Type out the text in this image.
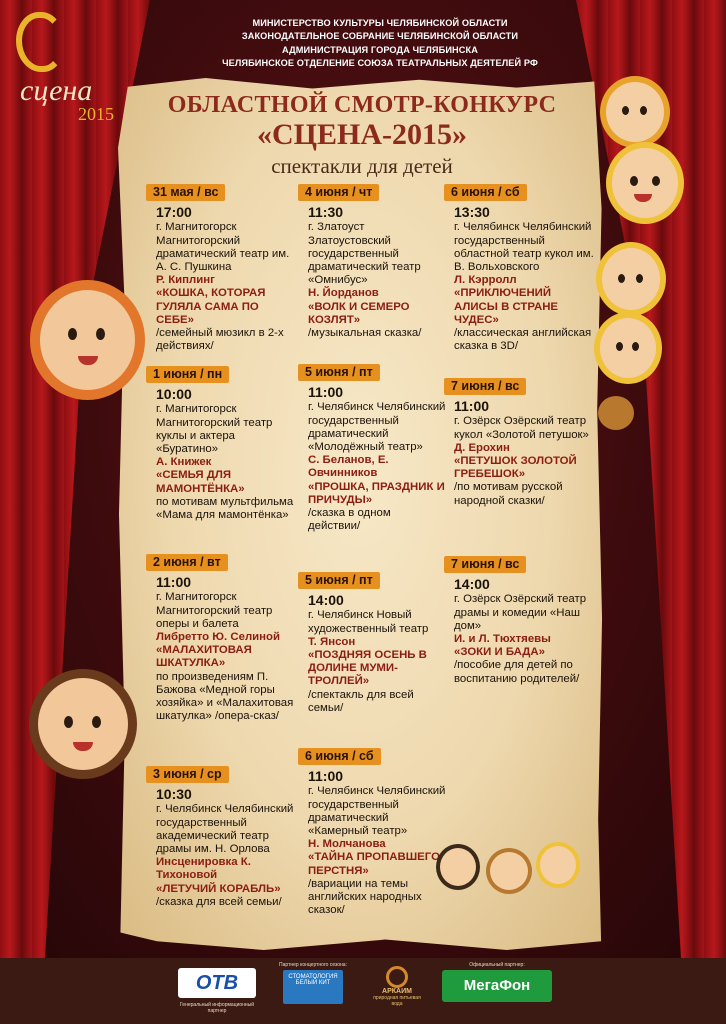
сцена
2015
МИНИСТЕРСТВО КУЛЬТУРЫ ЧЕЛЯБИНСКОЙ ОБЛАСТИ
ЗАКОНОДАТЕЛЬНОЕ СОБРАНИЕ ЧЕЛЯБИНСКОЙ ОБЛАСТИ
АДМИНИСТРАЦИЯ ГОРОДА ЧЕЛЯБИНСКА
ЧЕЛЯБИНСКОЕ ОТДЕЛЕНИЕ СОЮЗА ТЕАТРАЛЬНЫХ ДЕЯТЕЛЕЙ РФ
ОБЛАСТНОЙ СМОТР-КОНКУРС
«СЦЕНА-2015»
спектакли для детей
31 мая / вс
17:00
г. Магнитогорск Магнитогорский драматический театр им. А. С. Пушкина
Р. Киплинг
«КОШКА, КОТОРАЯ ГУЛЯЛА САМА ПО СЕБЕ»
/семейный мюзикл в 2-х действиях/
1 июня / пн
10:00
г. Магнитогорск Магнитогорский театр куклы и актера «Буратино»
А. Книжек
«СЕМЬЯ ДЛЯ МАМОНТЁНКА»
по мотивам мультфильма «Мама для мамонтёнка»
2 июня / вт
11:00
г. Магнитогорск Магнитогорский театр оперы и балета
Либретто Ю. Селиной
«МАЛАХИТОВАЯ ШКАТУЛКА»
по произведениям П. Бажова «Медной горы хозяйка» и «Малахитовая шкатулка» /опера-сказ/
3 июня / ср
10:30
г. Челябинск Челябинский государственный академический театр драмы им. Н. Орлова
Инсценировка К. Тихоновой
«ЛЕТУЧИЙ КОРАБЛЬ»
/сказка для всей семьи/
4 июня / чт
11:30
г. Златоуст Златоустовский государственный драматический театр «Омнибус»
Н. Йорданов
«ВОЛК И СЕМЕРО КОЗЛЯТ»
/музыкальная сказка/
5 июня / пт
11:00
г. Челябинск Челябинский государственный драматический «Молодёжный театр»
С. Беланов, Е. Овчинников
«ПРОШКА, ПРАЗДНИК И ПРИЧУДЫ»
/сказка в одном действии/
5 июня / пт
14:00
г. Челябинск Новый художественный театр
Т. Янсон
«ПОЗДНЯЯ ОСЕНЬ В ДОЛИНЕ МУМИ-ТРОЛЛЕЙ»
/спектакль для всей семьи/
6 июня / сб
11:00
г. Челябинск Челябинский государственный драматический «Камерный театр»
Н. Молчанова
«ТАЙНА ПРОПАВШЕГО ПЕРСТНЯ»
/вариации на темы английских народных сказок/
6 июня / сб
13:30
г. Челябинск Челябинский государственный областной театр кукол им. В. Вольховского
Л. Кэрролл
«ПРИКЛЮЧЕНИЙ АЛИСЫ В СТРАНЕ ЧУДЕС»
/классическая английская сказка в 3D/
7 июня / вс
11:00
г. Озёрск Озёрский театр кукол «Золотой петушок»
Д. Ерохин
«ПЕТУШОК ЗОЛОТОЙ ГРЕБЕШОК»
/по мотивам русской народной сказки/
7 июня / вс
14:00
г. Озёрск Озёрский театр драмы и комедии «Наш дом»
И. и Л. Тюхтяевы
«ЗОКИ И БАДА»
/пособие для детей по воспитанию родителей/
ОТВ
Генеральный информационный партнер
Партнер концертного сезона:
СТОМАТОЛОГИЯ БЕЛЫЙ КИТ
АРКАИМ
природная питьевая вода
Официальный партнер:
МегаФон
